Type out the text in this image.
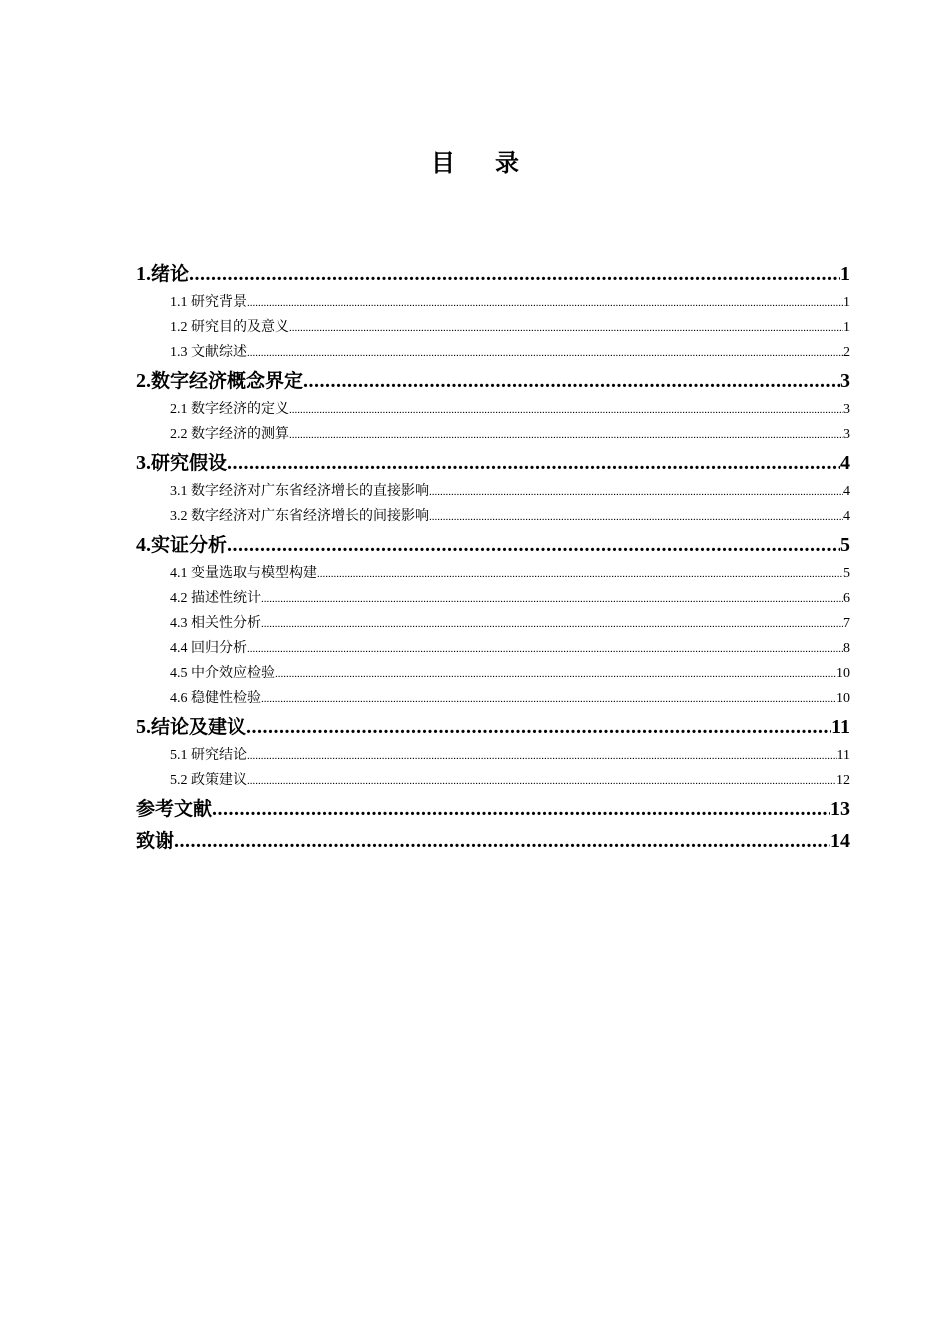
目录
1.绪论 .....	1
1.1 研究背景 .....	1
1.2 研究目的及意义 .....	1
1.3 文献综述 .....	2
2.数字经济概念界定 .....	3
2.1 数字经济的定义 .....	3
2.2 数字经济的测算 .....	3
3.研究假设 .....	4
3.1 数字经济对广东省经济增长的直接影响 .....	4
3.2 数字经济对广东省经济增长的间接影响 .....	4
4.实证分析 .....	5
4.1 变量选取与模型构建 .....	5
4.2 描述性统计 .....	6
4.3 相关性分析 .....	7
4.4 回归分析 .....	8
4.5 中介效应检验 .....	10
4.6 稳健性检验 .....	10
5.结论及建议 .....	11
5.1 研究结论 .....	11
5.2 政策建议 .....	12
参考文献 .....	13
致谢 .....	14
